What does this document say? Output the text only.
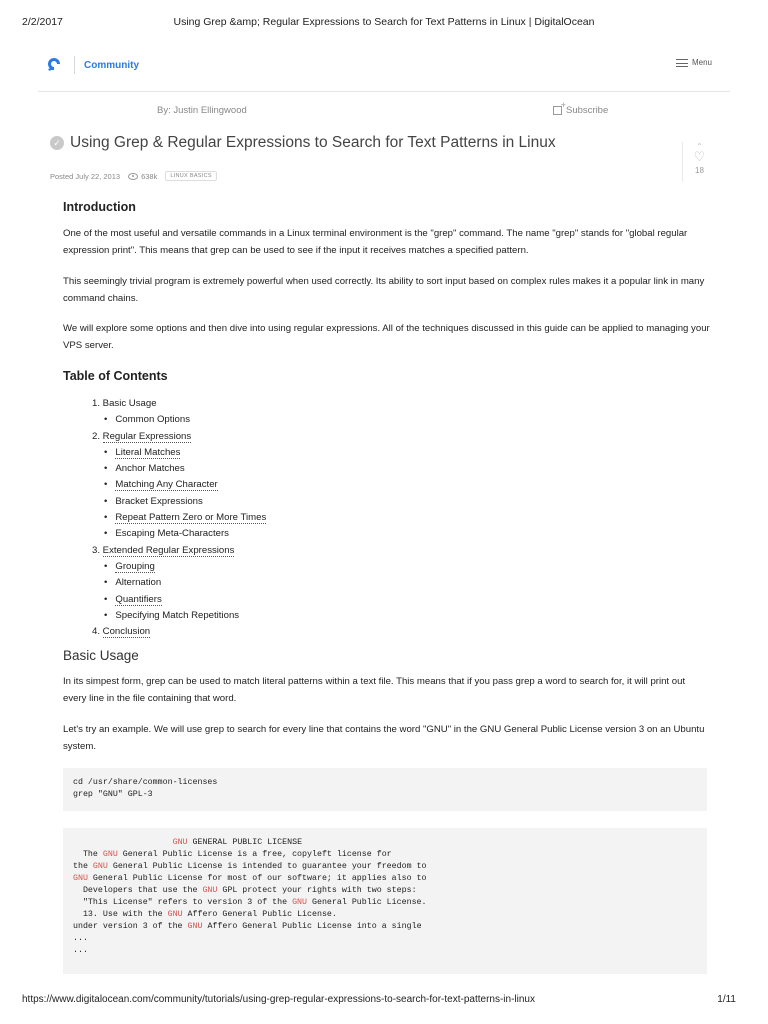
2/2/2017	Using Grep &amp; Regular Expressions to Search for Text Patterns in Linux | DigitalOcean
Community	Menu
By: Justin Ellingwood
+	Subscribe
✓ Using Grep & Regular Expressions to Search for Text Patterns in Linux
Posted July 22, 2013	638k	LINUX BASICS
⌃
♡
18
Introduction

One of the most useful and versatile commands in a Linux terminal environment is the "grep" command. The name "grep" stands for "global regular expression print". This means that grep can be used to see if the input it receives matches a specified pattern.

This seemingly trivial program is extremely powerful when used correctly. Its ability to sort input based on complex rules makes it a popular link in many command chains.

We will explore some options and then dive into using regular expressions. All of the techniques discussed in this guide can be applied to managing your VPS server.

Table of Contents
1. Basic Usage
•   Common Options
2. Regular Expressions
•   Literal Matches
•   Anchor Matches
•   Matching Any Character
•   Bracket Expressions
•   Repeat Pattern Zero or More Times
•   Escaping Meta-Characters
3. Extended Regular Expressions
•   Grouping
•   Alternation
•   Quantifiers
•   Specifying Match Repetitions
4. Conclusion
Basic Usage

In its simpest form, grep can be used to match literal patterns within a text file. This means that if you pass grep a word to search for, it will print out every line in the file containing that word.

Let's try an example. We will use grep to search for every line that contains the word "GNU" in the GNU General Public License version 3 on an Ubuntu system.

cd /usr/share/common-licenses
grep "GNU" GPL-3
GNU GENERAL PUBLIC LICENSE
The GNU General Public License is a free, copyleft license for
the GNU General Public License is intended to guarantee your freedom to
GNU General Public License for most of our software; it applies also to
Developers that use the GNU GPL protect your rights with two steps:
"This License" refers to version 3 of the GNU General Public License.
13. Use with the GNU Affero General Public License.
under version 3 of the GNU Affero General Public License into a single
...
...
https://www.digitalocean.com/community/tutorials/using-grep-regular-expressions-to-search-for-text-patterns-in-linux	1/11
